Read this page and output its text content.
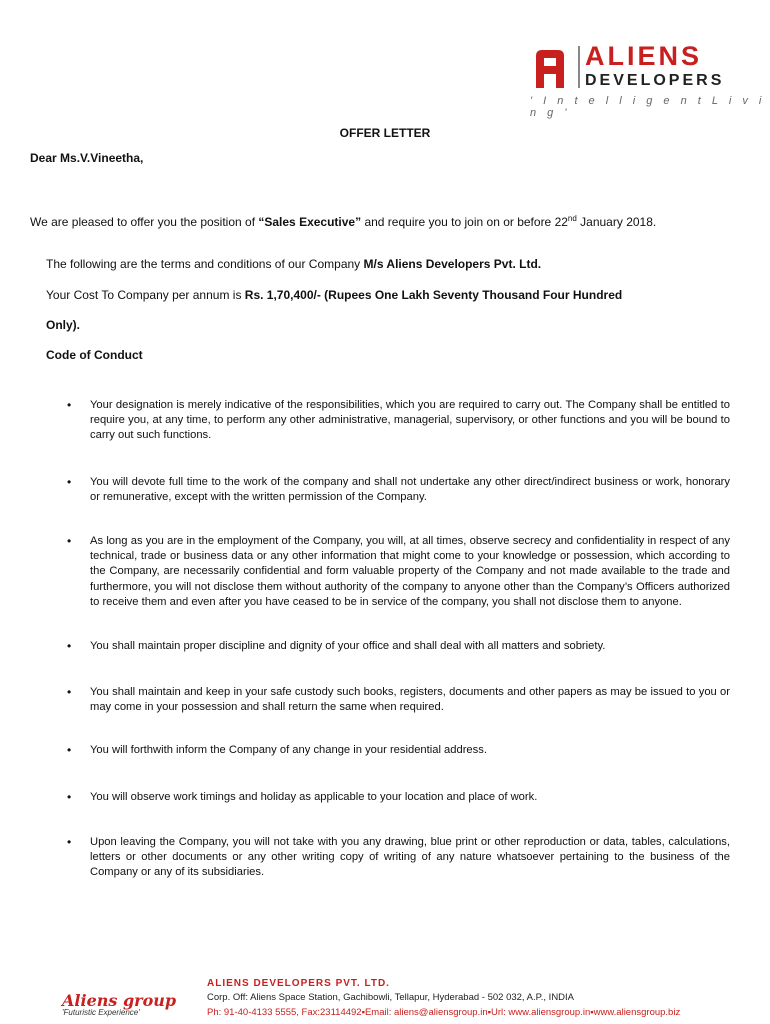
ALIENS
DEVELOPERS
' I n t e l l i g e n t L i v i n g '
OFFER LETTER
Dear Ms.V.Vineetha,
We are pleased to offer you the position of “Sales Executive” and require you to join on or before 22nd January 2018.
The following are the terms and conditions of our Company M/s Aliens Developers Pvt. Ltd.
Your Cost To Company per annum is Rs. 1,70,400/- (Rupees One Lakh Seventy Thousand Four Hundred
Only).
Code of Conduct
• Your designation is merely indicative of the responsibilities, which you are required to carry out. The Company shall be entitled to require you, at any time, to perform any other administrative, managerial, supervisory, or other functions and you will be bound to carry out such functions.
• You will devote full time to the work of the company and shall not undertake any other direct/indirect business or work, honorary or remunerative, except with the written permission of the Company.
• As long as you are in the employment of the Company, you will, at all times, observe secrecy and confidentiality in respect of any technical, trade or business data or any other information that might come to your knowledge or possession, which according to the Company, are necessarily confidential and form valuable property of the Company and not made available to the trade and furthermore, you will not disclose them without authority of the company to anyone other than the Company’s Officers authorized to receive them and even after you have ceased to be in service of the company, you shall not disclose them to anyone.
• You shall maintain proper discipline and dignity of your office and shall deal with all matters and sobriety.
• You shall maintain and keep in your safe custody such books, registers, documents and other papers as may be issued to you or may come in your possession and shall return the same when required.
• You will forthwith inform the Company of any change in your residential address.
• You will observe work timings and holiday as applicable to your location and place of work.
• Upon leaving the Company, you will not take with you any drawing, blue print or other reproduction or data, tables, calculations, letters or other documents or any other writing copy of writing of any nature whatsoever pertaining to the business of the Company or any of its subsidiaries.
Aliens group
'Futuristic Experience'
ALIENS DEVELOPERS PVT. LTD.
Corp. Off: Aliens Space Station, Gachibowli, Tellapur, Hyderabad - 502 032, A.P., INDIA
Ph: 91-40-4133 5555, Fax:23114492▪Email: aliens@aliensgroup.in▪Url: www.aliensgroup.in▪www.aliensgroup.biz
